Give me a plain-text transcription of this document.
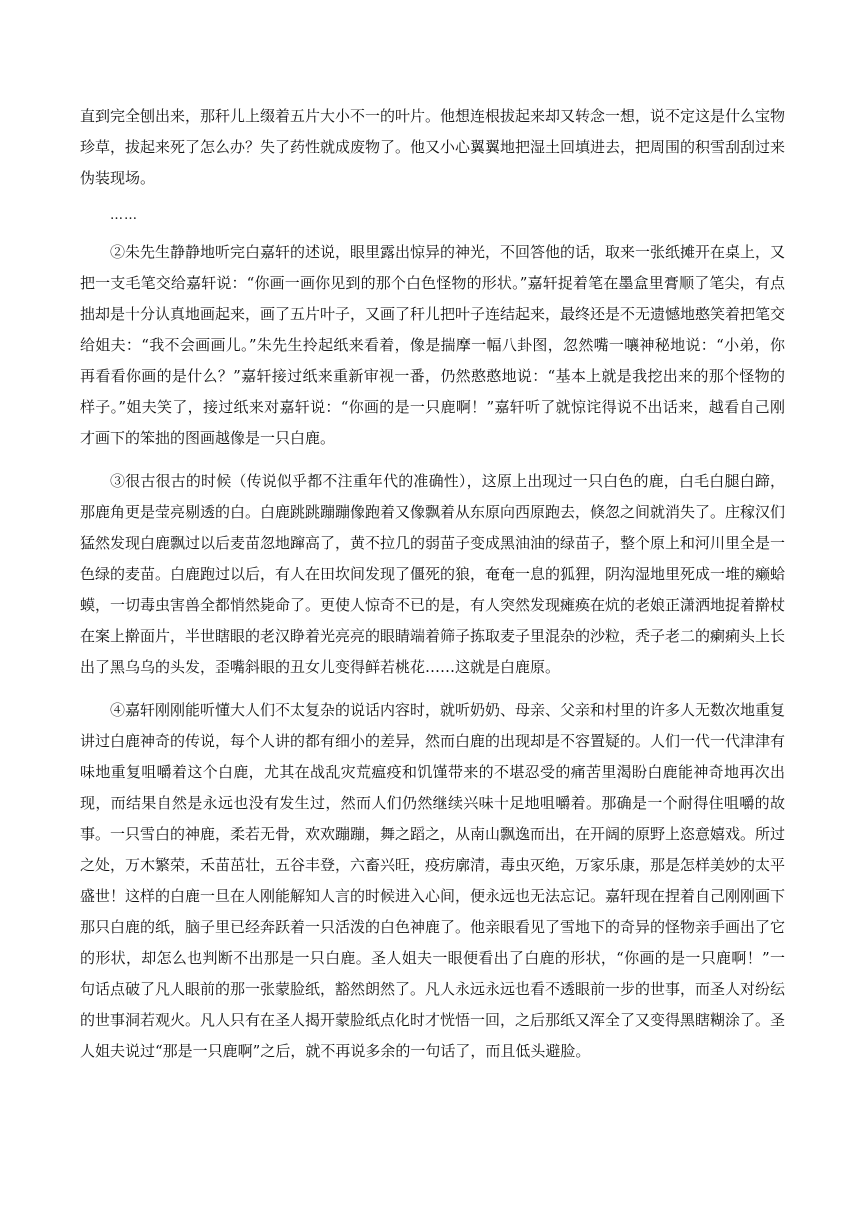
直到完全刨出来，那秆儿上缀着五片大小不一的叶片。他想连根拔起来却又转念一想，说不定这是什么宝物珍草，拔起来死了怎么办？失了药性就成废物了。他又小心翼翼地把湿土回填进去，把周围的积雪刮刮过来伪装现场。

……

②朱先生静静地听完白嘉轩的述说，眼里露出惊异的神光，不回答他的话，取来一张纸摊开在桌上，又把一支毛笔交给嘉轩说：“你画一画你见到的那个白色怪物的形状。”嘉轩捉着笔在墨盒里膏顺了笔尖，有点拙却是十分认真地画起来，画了五片叶子，又画了秆儿把叶子连结起来，最终还是不无遗憾地憨笑着把笔交给姐夫：“我不会画画儿。”朱先生拎起纸来看着，像是揣摩一幅八卦图，忽然嘴一嚷神秘地说：“小弟，你再看看你画的是什么？”嘉轩接过纸来重新审视一番，仍然憨憨地说：“基本上就是我挖出来的那个怪物的样子。”姐夫笑了，接过纸来对嘉轩说：“你画的是一只鹿啊！”嘉轩听了就惊诧得说不出话来，越看自己刚才画下的笨拙的图画越像是一只白鹿。

③很古很古的时候（传说似乎都不注重年代的准确性），这原上出现过一只白色的鹿，白毛白腿白蹄，那鹿角更是莹亮剔透的白。白鹿跳跳蹦蹦像跑着又像飘着从东原向西原跑去，倏忽之间就消失了。庄稼汉们猛然发现白鹿飘过以后麦苗忽地蹿高了，黄不拉几的弱苗子变成黑油油的绿苗子，整个原上和河川里全是一色绿的麦苗。白鹿跑过以后，有人在田坎间发现了僵死的狼，奄奄一息的狐狸，阴沟湿地里死成一堆的癞蛤蟆，一切毒虫害兽全都悄然毙命了。更使人惊奇不已的是，有人突然发现瘫痪在炕的老娘正潇洒地捉着擀杖在案上擀面片，半世瞎眼的老汉睁着光亮亮的眼睛端着筛子拣取麦子里混杂的沙粒，秃子老二的瘌痢头上长出了黑乌乌的头发，歪嘴斜眼的丑女儿变得鲜若桃花……这就是白鹿原。

④嘉轩刚刚能听懂大人们不太复杂的说话内容时，就听奶奶、母亲、父亲和村里的许多人无数次地重复讲过白鹿神奇的传说，每个人讲的都有细小的差异，然而白鹿的出现却是不容置疑的。人们一代一代津津有味地重复咀嚼着这个白鹿，尤其在战乱灾荒瘟疫和饥馑带来的不堪忍受的痛苦里渴盼白鹿能神奇地再次出现，而结果自然是永远也没有发生过，然而人们仍然继续兴味十足地咀嚼着。那确是一个耐得住咀嚼的故事。一只雪白的神鹿，柔若无骨，欢欢蹦蹦，舞之蹈之，从南山飘逸而出，在开阔的原野上恣意嬉戏。所过之处，万木繁荣，禾苗茁壮，五谷丰登，六畜兴旺，疫疠廓清，毒虫灭绝，万家乐康，那是怎样美妙的太平盛世！这样的白鹿一旦在人刚能解知人言的时候进入心间，便永远也无法忘记。嘉轩现在捏着自己刚刚画下那只白鹿的纸，脑子里已经奔跃着一只活泼的白色神鹿了。他亲眼看见了雪地下的奇异的怪物亲手画出了它的形状，却怎么也判断不出那是一只白鹿。圣人姐夫一眼便看出了白鹿的形状，“你画的是一只鹿啊！”一句话点破了凡人眼前的那一张蒙脸纸，豁然朗然了。凡人永远永远也看不透眼前一步的世事，而圣人对纷纭的世事洞若观火。凡人只有在圣人揭开蒙脸纸点化时才恍悟一回，之后那纸又浑全了又变得黑瞎糊涂了。圣人姐夫说过“那是一只鹿啊”之后，就不再说多余的一句话了，而且低头避脸。
